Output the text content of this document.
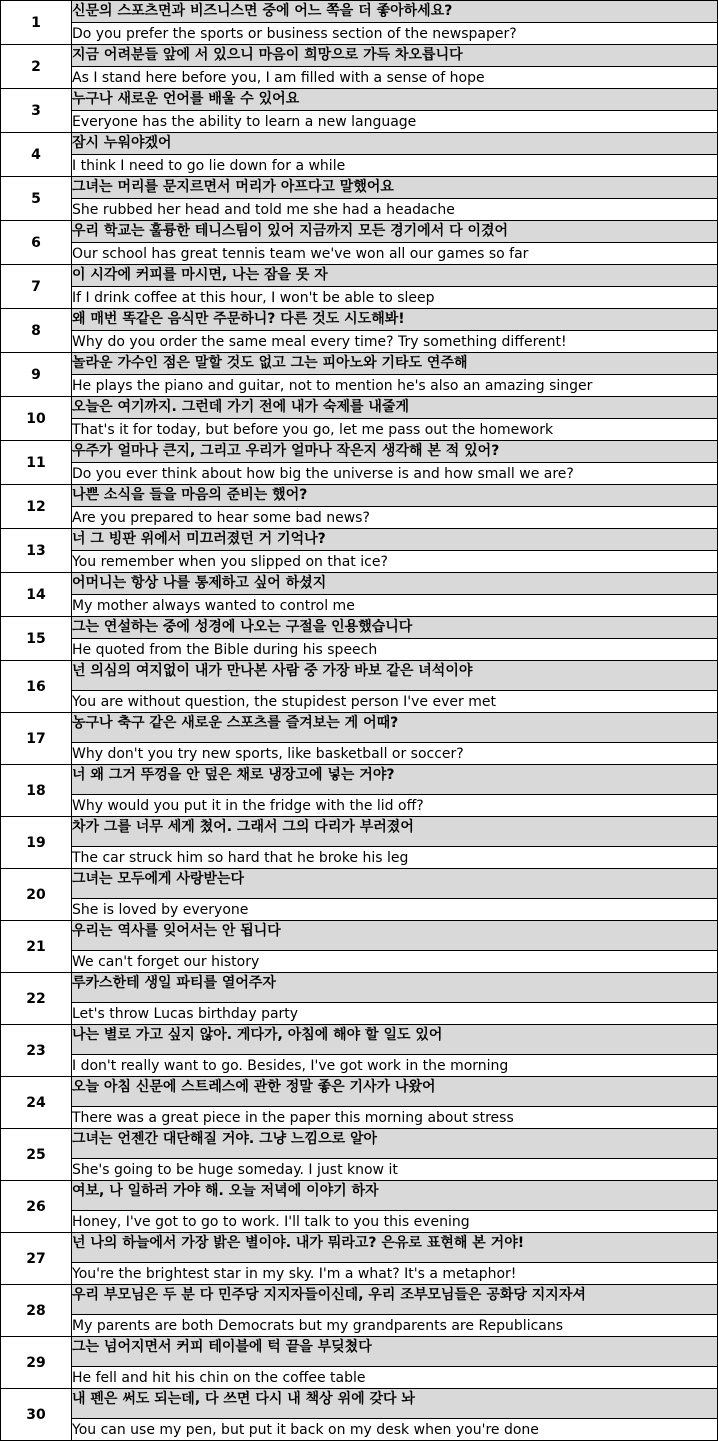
1	신문의 스포츠면과 비즈니스면 중에 어느 쪽을 더 좋아하세요?
	Do you prefer the sports or business section of the newspaper?
2	지금 어려분들 앞에 서 있으니 마음이 희망으로 가득 차오릅니다
	As I stand here before you, I am filled with a sense of hope
3	누구나 새로운 언어를 배울 수 있어요
	Everyone has the ability to learn a new language
4	잠시 누워야겠어
	I think I need to go lie down for a while
5	그녀는 머리를 문지르면서 머리가 아프다고 말했어요
	She rubbed her head and told me she had a headache
6	우리 학교는 훌륭한 테니스팀이 있어 지금까지 모든 경기에서 다 이겼어
	Our school has great tennis team we've won all our games so far
7	이 시각에 커피를 마시면, 나는 잠을 못 자
	If I drink coffee at this hour, I won't be able to sleep
8	왜 매번 똑같은 음식만 주문하니? 다른 것도 시도해봐!
	Why do you order the same meal every time? Try something different!
9	놀라운 가수인 점은 말할 것도 없고 그는 피아노와 기타도 연주해
	He plays the piano and guitar, not to mention he's also an amazing singer
10	오늘은 여기까지. 그런데 가기 전에 내가 숙제를 내줄게
	That's it for today, but before you go, let me pass out the homework
11	우주가 얼마나 큰지, 그리고 우리가 얼마나 작은지 생각해 본 적 있어?
	Do you ever think about how big the universe is and how small we are?
12	나쁜 소식을 들을 마음의 준비는 했어?
	Are you prepared to hear some bad news?
13	너 그 빙판 위에서 미끄러졌던 거 기억나?
	You remember when you slipped on that ice?
14	어머니는 항상 나를 통제하고 싶어 하셨지
	My mother always wanted to control me
15	그는 연설하는 중에 성경에 나오는 구절을 인용했습니다
	He quoted from the Bible during his speech
16	넌 의심의 여지없이 내가 만나본 사람 중 가장 바보 같은 녀석이야
	You are without question, the stupidest person I've ever met
17	농구나 축구 같은 새로운 스포츠를 즐겨보는 게 어때?
	Why don't you try new sports, like basketball or soccer?
18	너 왜 그거 뚜껑을 안 덮은 채로 냉장고에 넣는 거야?
	Why would you put it in the fridge with the lid off?
19	차가 그를 너무 세게 쳤어. 그래서 그의 다리가 부러졌어
	The car struck him so hard that he broke his leg
20	그녀는 모두에게 사랑받는다
	She is loved by everyone
21	우리는 역사를 잊어서는 안 됩니다
	We can't forget our history
22	루카스한테 생일 파티를 열어주자
	Let's throw Lucas birthday party
23	나는 별로 가고 싶지 않아. 게다가, 아침에 해야 할 일도 있어
	I don't really want to go. Besides, I've got work in the morning
24	오늘 아침 신문에 스트레스에 관한 정말 좋은 기사가 나왔어
	There was a great piece in the paper this morning about stress
25	그녀는 언젠간 대단해질 거야. 그냥 느낌으로 알아
	She's going to be huge someday. I just know it
26	여보, 나 일하러 가야 해. 오늘 저녁에 이야기 하자
	Honey, I've got to go to work. I'll talk to you this evening
27	넌 나의 하늘에서 가장 밝은 별이야. 내가 뭐라고? 은유로 표현해 본 거야!
	You're the brightest star in my sky. I'm a what? It's a metaphor!
28	우리 부모님은 두 분 다 민주당 지지자들이신데, 우리 조부모님들은 공화당 지지자셔
	My parents are both Democrats but my grandparents are Republicans
29	그는 넘어지면서 커피 테이블에 턱 끝을 부딪쳤다
	He fell and hit his chin on the coffee table
30	내 펜은 써도 되는데, 다 쓰면 다시 내 책상 위에 갖다 놔
	You can use my pen, but put it back on my desk when you're done
